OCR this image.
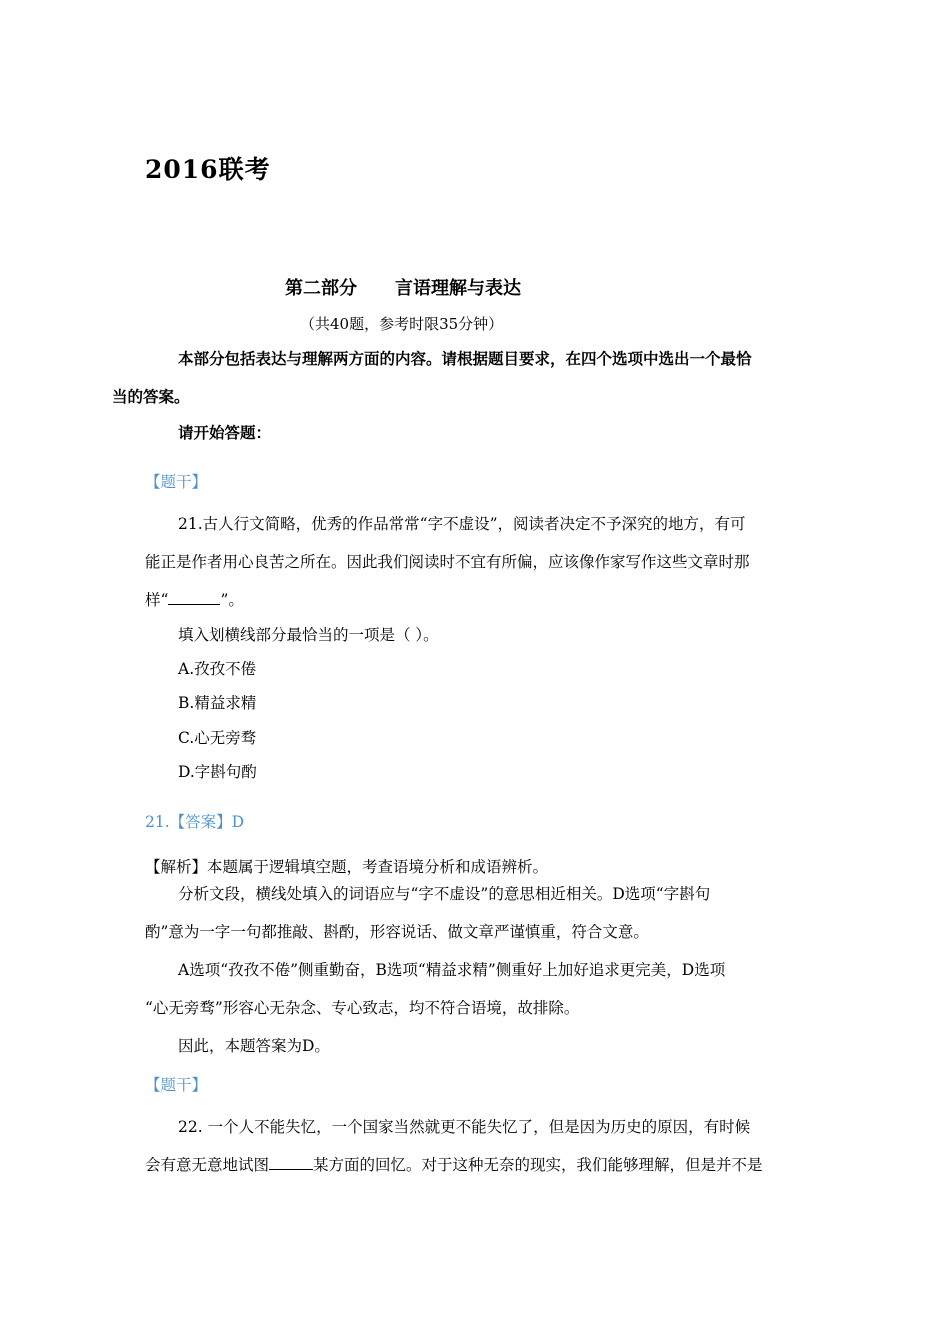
2016联考
第二部分 言语理解与表达
（共40题，参考时限35分钟）
本部分包括表达与理解两方面的内容。请根据题目要求，在四个选项中选出一个最恰
当的答案。
请开始答题：
【题干】
21.古人行文简略，优秀的作品常常“字不虚设”，阅读者决定不予深究的地方，有可
能正是作者用心良苦之所在。因此我们阅读时不宜有所偏，应该像作家写作这些文章时那
样“	”。
填入划横线部分最恰当的一项是（ ）。
A.孜孜不倦
B.精益求精
C.心无旁骛
D.字斟句酌
21.【答案】D
【解析】本题属于逻辑填空题，考查语境分析和成语辨析。
分析文段，横线处填入的词语应与“字不虚设”的意思相近相关。D选项“字斟句
酌”意为一字一句都推敲、斟酌，形容说话、做文章严谨慎重，符合文意。
A选项“孜孜不倦”侧重勤奋，B选项“精益求精”侧重好上加好追求更完美，D选项
“心无旁骛”形容心无杂念、专心致志，均不符合语境，故排除。
因此，本题答案为D。
【题干】
22. 一个人不能失忆，一个国家当然就更不能失忆了，但是因为历史的原因，有时候
会有意无意地试图	某方面的回忆。对于这种无奈的现实，我们能够理解，但是并不是
